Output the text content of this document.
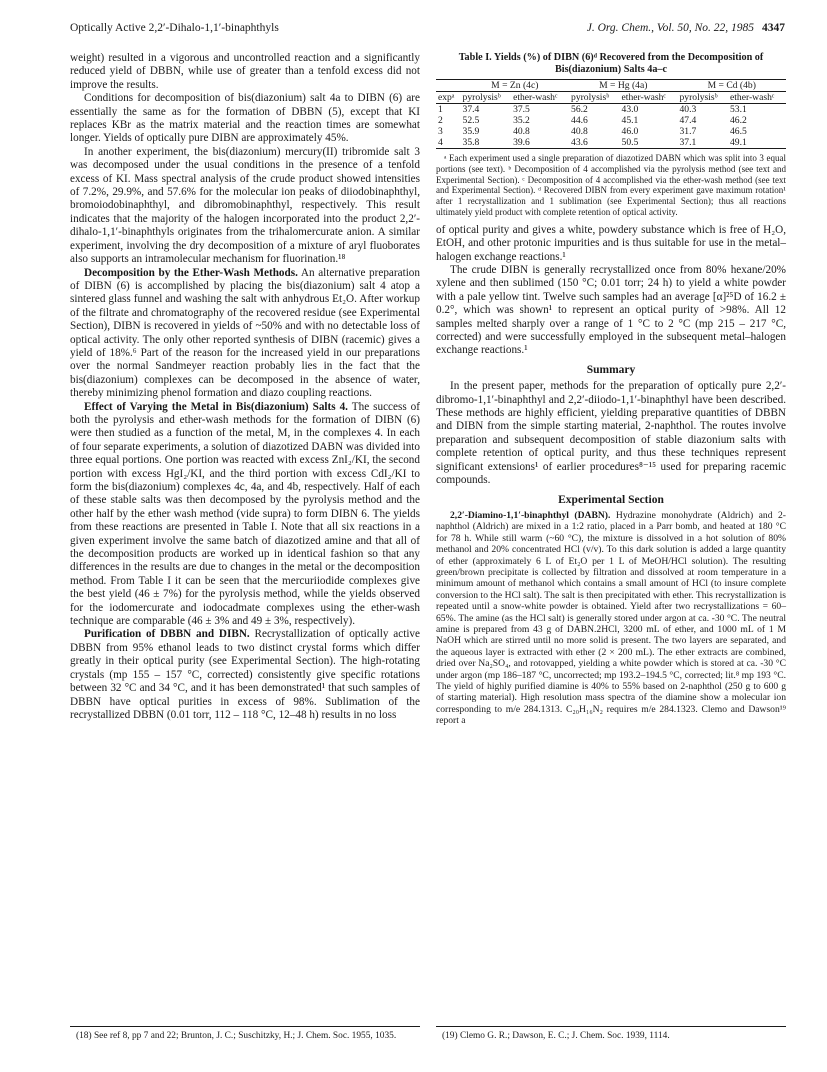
Optically Active 2,2′-Dihalo-1,1′-binaphthyls	J. Org. Chem., Vol. 50, No. 22, 1985 4347

weight) resulted in a vigorous and uncontrolled reaction and a significantly reduced yield of DBBN, while use of greater than a tenfold excess did not improve the results.

Conditions for decomposition of bis(diazonium) salt 4a to DIBN (6) are essentially the same as for the formation of DBBN (5), except that KI replaces KBr as the matrix material and the reaction times are somewhat longer. Yields of optically pure DIBN are approximately 45%.

In another experiment, the bis(diazonium) mercury(II) tribromide salt 3 was decomposed under the usual conditions in the presence of a tenfold excess of KI. Mass spectral analysis of the crude product showed intensities of 7.2%, 29.9%, and 57.6% for the molecular ion peaks of diiodobinaphthyl, bromoiodobinaphthyl, and dibromobinaphthyl, respectively. This result indicates that the majority of the halogen incorporated into the product 2,2′-dihalo-1,1′-binaphthyls originates from the trihalomercurate anion. A similar experiment, involving the dry decomposition of a mixture of aryl fluoborates also supports an intramolecular mechanism for fluorination.¹⁸

Decomposition by the Ether-Wash Methods. An alternative preparation of DIBN (6) is accomplished by placing the bis(diazonium) salt 4 atop a sintered glass funnel and washing the salt with anhydrous Et₂O. After workup of the filtrate and chromatography of the recovered residue (see Experimental Section), DIBN is recovered in yields of ~50% and with no detectable loss of optical activity. The only other reported synthesis of DIBN (racemic) gives a yield of 18%.⁶ Part of the reason for the increased yield in our preparations over the normal Sandmeyer reaction probably lies in the fact that the bis(diazonium) complexes can be decomposed in the absence of water, thereby minimizing phenol formation and diazo coupling reactions.

Effect of Varying the Metal in Bis(diazonium) Salts 4. The success of both the pyrolysis and ether-wash methods for the formation of DIBN (6) were then studied as a function of the metal, M, in the complexes 4. In each of four separate experiments, a solution of diazotized DABN was divided into three equal portions. One portion was reacted with excess ZnI₂/KI, the second portion with excess HgI₂/KI, and the third portion with excess CdI₂/KI to form the bis(diazonium) complexes 4c, 4a, and 4b, respectively. Half of each of these stable salts was then decomposed by the pyrolysis method and the other half by the ether wash method (vide supra) to form DIBN 6. The yields from these reactions are presented in Table I. Note that all six reactions in a given experiment involve the same batch of diazotized amine and that all of the decomposition products are worked up in identical fashion so that any differences in the results are due to changes in the metal or the decomposition method. From Table I it can be seen that the mercuriiodide complexes give the best yield (46 ± 7%) for the pyrolysis method, while the yields observed for the iodomercurate and iodocadmate complexes using the ether-wash technique are comparable (46 ± 3% and 49 ± 3%, respectively).

Purification of DBBN and DIBN. Recrystallization of optically active DBBN from 95% ethanol leads to two distinct crystal forms which differ greatly in their optical purity (see Experimental Section). The high-rotating crystals (mp 155 – 157 °C, corrected) consistently give specific rotations between 32 °C and 34 °C, and it has been demonstrated¹ that such samples of DBBN have optical purities in excess of 98%. Sublimation of the recrystallized DBBN (0.01 torr, 112 – 118 °C, 12–48 h) results in no loss

Table I. Yields (%) of DIBN (6)ᵈ Recovered from the Decomposition of Bis(diazonium) Salts 4a–c
	M = Zn (4c)		M = Hg (4a)		M = Cd (4b)	
expᵃ	pyrolysisᵇ	ether-washᶜ	pyrolysisᵇ	ether-washᶜ	pyrolysisᵇ	ether-washᶜ
1	37.4	37.5	56.2	43.0	40.3	53.1
2	52.5	35.2	44.6	45.1	47.4	46.2
3	35.9	40.8	40.8	46.0	31.7	46.5
4	35.8	39.6	43.6	50.5	37.1	49.1

ᵃ Each experiment used a single preparation of diazotized DABN which was split into 3 equal portions (see text). ᵇ Decomposition of 4 accomplished via the pyrolysis method (see text and Experimental Section). ᶜ Decomposition of 4 accomplished via the ether-wash method (see text and Experimental Section). ᵈ Recovered DIBN from every experiment gave maximum rotation¹ after 1 recrystallization and 1 sublimation (see Experimental Section); thus all reactions ultimately yield product with complete retention of optical activity.

of optical purity and gives a white, powdery substance which is free of H₂O, EtOH, and other protonic impurities and is thus suitable for use in the metal–halogen exchange reactions.¹

The crude DIBN is generally recrystallized once from 80% hexane/20% xylene and then sublimed (150 °C; 0.01 torr; 24 h) to yield a white powder with a pale yellow tint. Twelve such samples had an average [α]²⁵D of 16.2 ± 0.2°, which was shown¹ to represent an optical purity of >98%. All 12 samples melted sharply over a range of 1 °C to 2 °C (mp 215 – 217 °C, corrected) and were successfully employed in the subsequent metal–halogen exchange reactions.¹

Summary

In the present paper, methods for the preparation of optically pure 2,2′-dibromo-1,1′-binaphthyl and 2,2′-diiodo-1,1′-binaphthyl have been described. These methods are highly efficient, yielding preparative quantities of DBBN and DIBN from the simple starting material, 2-naphthol. The routes involve preparation and subsequent decomposition of stable diazonium salts with complete retention of optical purity, and thus these techniques represent significant extensions¹ of earlier procedures⁸⁻¹⁵ used for preparing racemic compounds.

Experimental Section

2,2′-Diamino-1,1′-binaphthyl (DABN). Hydrazine monohydrate (Aldrich) and 2-naphthol (Aldrich) are mixed in a 1:2 ratio, placed in a Parr bomb, and heated at 180 °C for 78 h. While still warm (~60 °C), the mixture is dissolved in a hot solution of 80% methanol and 20% concentrated HCl (v/v). To this dark solution is added a large quantity of ether (approximately 6 L of Et₂O per 1 L of MeOH/HCl solution). The resulting green/brown precipitate is collected by filtration and dissolved at room temperature in a minimum amount of methanol which contains a small amount of HCl (to insure complete conversion to the HCl salt). The salt is then precipitated with ether. This recrystallization is repeated until a snow-white powder is obtained. Yield after two recrystallizations = 60–65%. The amine (as the HCl salt) is generally stored under argon at ca. -30 °C. The neutral amine is prepared from 43 g of DABN.2HCl, 3200 mL of ether, and 1000 mL of 1 M NaOH which are stirred until no more solid is present. The two layers are separated, and the aqueous layer is extracted with ether (2 × 200 mL). The ether extracts are combined, dried over Na₂SO₄, and rotovapped, yielding a white powder which is stored at ca. -30 °C under argon (mp 186–187 °C, uncorrected; mp 193.2–194.5 °C, corrected; lit.⁸ mp 193 °C. The yield of highly purified diamine is 40% to 55% based on 2-naphthol (250 g to 600 g of starting material). High resolution mass spectra of the diamine show a molecular ion corresponding to m/e 284.1313. C₂₀H₁₆N₂ requires m/e 284.1323. Clemo and Dawson¹⁹ report a

(18) See ref 8, pp 7 and 22; Brunton, J. C.; Suschitzky, H.; J. Chem. Soc. 1955, 1035.	(19) Clemo G. R.; Dawson, E. C.; J. Chem. Soc. 1939, 1114.
